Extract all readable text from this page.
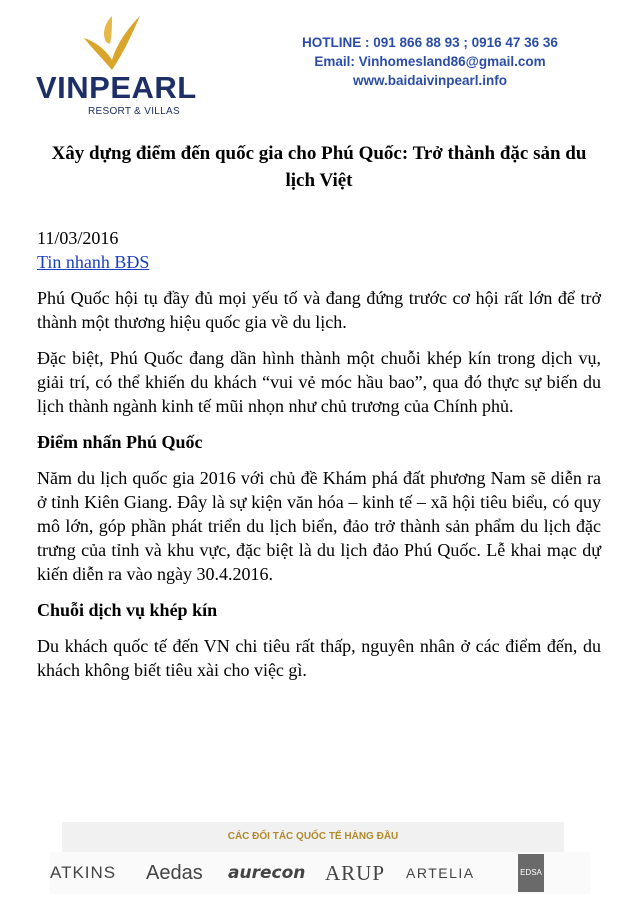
VINPEARL
RESORT & VILLAS
HOTLINE : 091 866 88 93 ; 0916 47 36 36
Email: Vinhomesland86@gmail.com
www.baidaivinpearl.info
Xây dựng điểm đến quốc gia cho Phú Quốc: Trở thành đặc sản du lịch Việt

11/03/2016

Tin nhanh BĐS

Phú Quốc hội tụ đầy đủ mọi yếu tố và đang đứng trước cơ hội rất lớn để trở thành một thương hiệu quốc gia về du lịch.

Đặc biệt, Phú Quốc đang dần hình thành một chuỗi khép kín trong dịch vụ, giải trí, có thể khiến du khách “vui vẻ móc hầu bao”, qua đó thực sự biến du lịch thành ngành kinh tế mũi nhọn như chủ trương của Chính phủ.

Điểm nhấn Phú Quốc

Năm du lịch quốc gia 2016 với chủ đề Khám phá đất phương Nam sẽ diễn ra ở tỉnh Kiên Giang. Đây là sự kiện văn hóa – kinh tế – xã hội tiêu biểu, có quy mô lớn, góp phần phát triển du lịch biển, đảo trở thành sản phẩm du lịch đặc trưng của tỉnh và khu vực, đặc biệt là du lịch đảo Phú Quốc. Lễ khai mạc dự kiến diễn ra vào ngày 30.4.2016.

Chuỗi dịch vụ khép kín

Du khách quốc tế đến VN chi tiêu rất thấp, nguyên nhân ở các điểm đến, du khách không biết tiêu xài cho việc gì.

CÁC ĐỐI TÁC QUỐC TẾ HÀNG ĐẦU
ATKINS Aedas aurecon ARUP ARTELIA	EDSA
